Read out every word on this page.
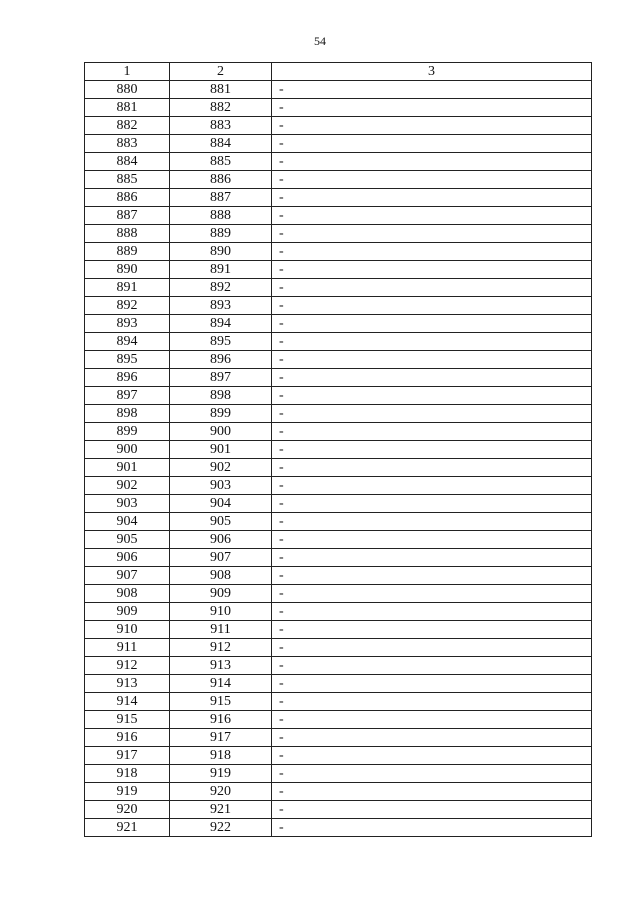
54
1	2	3
880	881	-
881	882	-
882	883	-
883	884	-
884	885	-
885	886	-
886	887	-
887	888	-
888	889	-
889	890	-
890	891	-
891	892	-
892	893	-
893	894	-
894	895	-
895	896	-
896	897	-
897	898	-
898	899	-
899	900	-
900	901	-
901	902	-
902	903	-
903	904	-
904	905	-
905	906	-
906	907	-
907	908	-
908	909	-
909	910	-
910	911	-
911	912	-
912	913	-
913	914	-
914	915	-
915	916	-
916	917	-
917	918	-
918	919	-
919	920	-
920	921	-
921	922	-
